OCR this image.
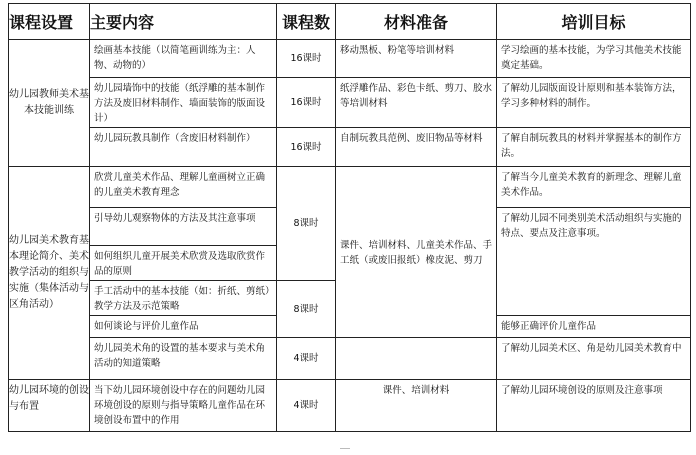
课程设置	主要内容	课程数	材料准备	培训目标
幼儿园教师美术基本技能训练	绘画基本技能（以简笔画训练为主：人物、动物的）	16课时	移动黑板、粉笔等培训材料	学习绘画的基本技能，为学习其他美术技能奠定基础。

	幼儿园墙饰中的技能（纸浮雕的基本制作方法及废旧材料制作、墙面装饰的版面设计）	16课时	纸浮雕作品、彩色卡纸、剪刀、胶水等培训材料	了解幼儿园版面设计原则和基本装饰方法，学习多种材料的制作。

	幼儿园玩教具制作（含废旧材料制作）	16课时	自制玩教具范例、废旧物品等材料	了解自制玩教具的材料并掌握基本的制作方法。

幼儿园美术教育基本理论简介、美术教学活动的组织与实施（集体活动与区角活动）	欣赏儿童美术作品、理解儿童画树立正确的儿童美术教育理念	8课时	课件、培训材料、儿童美术作品、手工纸（或废旧报纸）橡皮泥、剪刀	了解当今儿童美术教育的新理念、理解儿童美术作品。

	引导幼儿观察物体的方法及其注意事项			了解幼儿园不同类别美术活动组织与实施的特点、要点及注意事项。

	如何组织儿童开展美术欣赏及选取欣赏作品的原则			

	手工活动中的基本技能（如：折纸、剪纸）教学方法及示范策略	8课时		

	如何谈论与评价儿童作品			能够正确评价儿童作品

	幼儿园美术角的设置的基本要求与美术角活动的知道策略	4课时		了解幼儿园美术区、角是幼儿园美术教育中

幼儿园环境的创设与布置	当下幼儿园环境创设中存在的问题幼儿园环境创设的原则与指导策略儿童作品在环境创设布置中的作用	4课时	课件、培训材料	了解幼儿园环境创设的原则及注意事项
